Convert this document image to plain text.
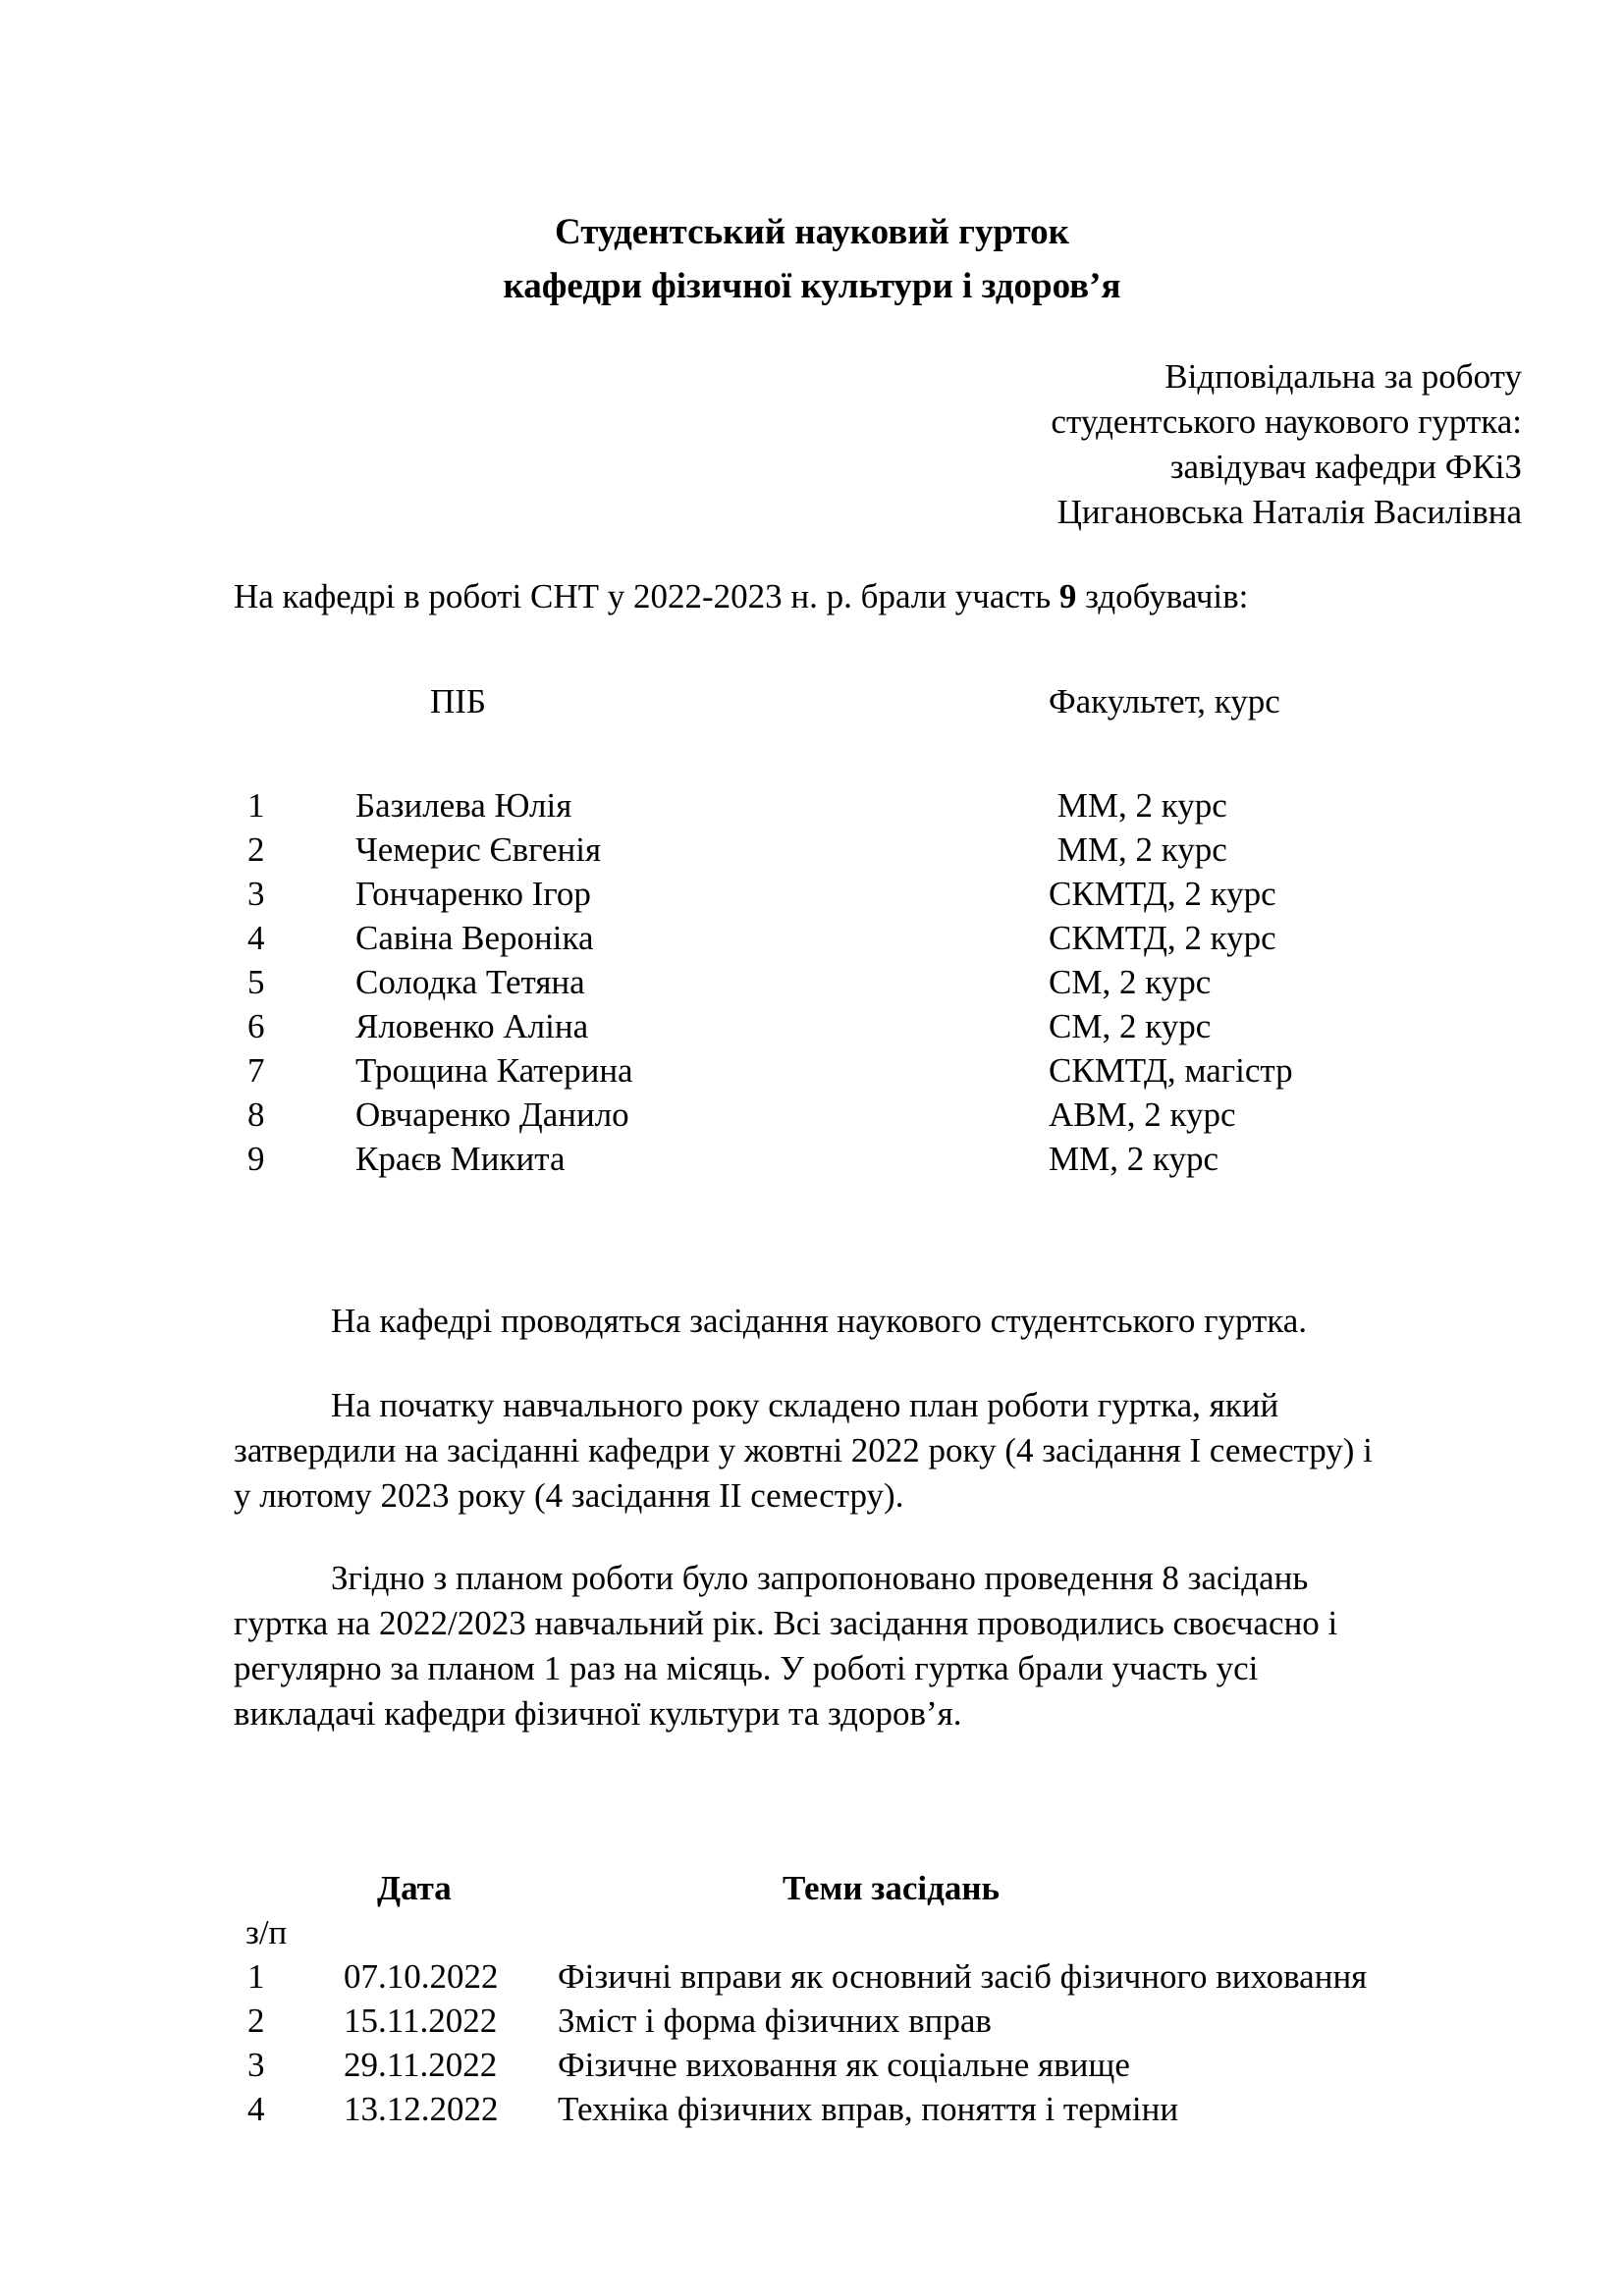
Студентський науковий гурток
кафедри фізичної культури і здоров’я
Відповідальна за роботу
студентського наукового гуртка:
завідувач кафедри ФКіЗ
Цигановська Наталія Василівна
На кафедрі в роботі СНТ у 2022-2023 н. р. брали участь 9 здобувачів:
ПІБ	Факультет, курс
1	Базилева Юлія	ММ, 2 курс
2	Чемерис Євгенія	ММ, 2 курс
3	Гончаренко Ігор	СКМТД, 2 курс
4	Савіна Вероніка	СКМТД, 2 курс
5	Солодка Тетяна	СМ, 2 курс
6	Яловенко Аліна	СМ, 2 курс
7	Трощина Катерина	СКМТД, магістр
8	Овчаренко Данило	АВМ, 2 курс
9	Краєв Микита	ММ, 2 курс
На кафедрі проводяться засідання наукового студентського гуртка.
На початку навчального року складено план роботи гуртка, який
затвердили на засіданні кафедри у жовтні 2022 року (4 засідання І семестру) і
у лютому 2023 року (4 засідання ІІ семестру).
Згідно з планом роботи було запропоновано проведення 8 засідань
гуртка на 2022/2023 навчальний рік. Всі засідання проводились своєчасно і
регулярно за планом 1 раз на місяць. У роботі гуртка брали участь усі
викладачі кафедри фізичної культури та здоров’я.
Дата	Теми засідань
з/п
1 07.10.2022 Фізичні вправи як основний засіб фізичного виховання
2 15.11.2022 Зміст і форма фізичних вправ
3 29.11.2022 Фізичне виховання як соціальне явище
4 13.12.2022 Техніка фізичних вправ, поняття і терміни
